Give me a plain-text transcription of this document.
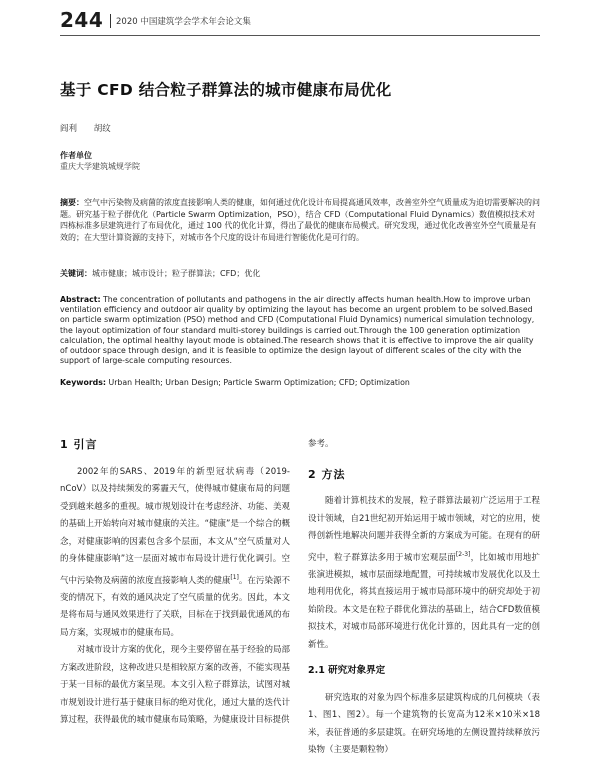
244 2020 中国建筑学会学术年会论文集
基于 CFD 结合粒子群算法的城市健康布局优化
阎利 胡纹
作者单位
重庆大学建筑城规学院
摘要：空气中污染物及病菌的浓度直接影响人类的健康，如何通过优化设计布局提高通风效率，改善室外空气质量成为迫切需要解决的问题。研究基于粒子群优化（Particle Swarm Optimization，PSO），结合 CFD（Computational Fluid Dynamics）数值模拟技术对四栋标准多层建筑进行了布局优化，通过 100 代的优化计算，得出了最优的健康布局模式。研究发现，通过优化改善室外空气质量是有效的；在大型计算资源的支持下，对城市各个尺度的设计布局进行智能优化是可行的。
关键词：城市健康；城市设计；粒子群算法；CFD；优化
Abstract: The concentration of pollutants and pathogens in the air directly affects human health.How to improve urban ventilation efficiency and outdoor air quality by optimizing the layout has become an urgent problem to be solved.Based on particle swarm optimization (PSO) method and CFD (Computational Fluid Dynamics) numerical simulation technology, the layout optimization of four standard multi-storey buildings is carried out.Through the 100 generation optimization calculation, the optimal healthy layout mode is obtained.The research shows that it is effective to improve the air quality of outdoor space through design, and it is feasible to optimize the design layout of different scales of the city with the support of large-scale computing resources.
Keywords: Urban Health; Urban Design; Particle Swarm Optimization; CFD; Optimization
1 引言

2002年的SARS、2019年的新型冠状病毒（2019-nCoV）以及持续频发的雾霾天气，使得城市健康布局的问题受到越来越多的重视。城市规划设计在考虑经济、功能、美观的基础上开始转向对城市健康的关注。“健康”是一个综合的概念，对健康影响的因素包含多个层面，本文从“空气质量对人的身体健康影响”这一层面对城市布局设计进行优化调引。空气中污染物及病菌的浓度直接影响人类的健康[1]。在污染源不变的情况下，有效的通风决定了空气质量的优劣。因此，本文是将布局与通风效果进行了关联，目标在于找到最优通风的布局方案，实现城市的健康布局。

对城市设计方案的优化，现今主要停留在基于经验的局部方案改进阶段，这种改进只是相较原方案的改善，不能实现基于某一目标的最优方案呈现。本文引入粒子群算法，试图对城市规划设计进行基于健康目标的绝对优化，通过大量的迭代计算过程，获得最优的城市健康布局策略，为健康设计目标提供

参考。

2 方法

随着计算机技术的发展，粒子群算法最初广泛运用于工程设计领域，自21世纪初开始运用于城市领域，对它的应用，使得创新性地解决问题并获得全新的方案成为可能。在现有的研究中，粒子群算法多用于城市宏观层面[2-3]，比如城市用地扩张演进模拟，城市层面绿地配置，可持续城市发展优化以及土地利用优化，将其直接运用于城市局部环境中的研究却处于初始阶段。本文是在粒子群优化算法的基础上，结合CFD数值模拟技术，对城市局部环境进行优化计算的，因此具有一定的创新性。

2.1 研究对象界定

研究选取的对象为四个标准多层建筑构成的几何模块（表1、图1、图2）。每一个建筑物的长宽高为12米×10米×18米，表征普通的多层建筑。在研究场地的左侧设置持续释放污染物（主要是颗粒物）
